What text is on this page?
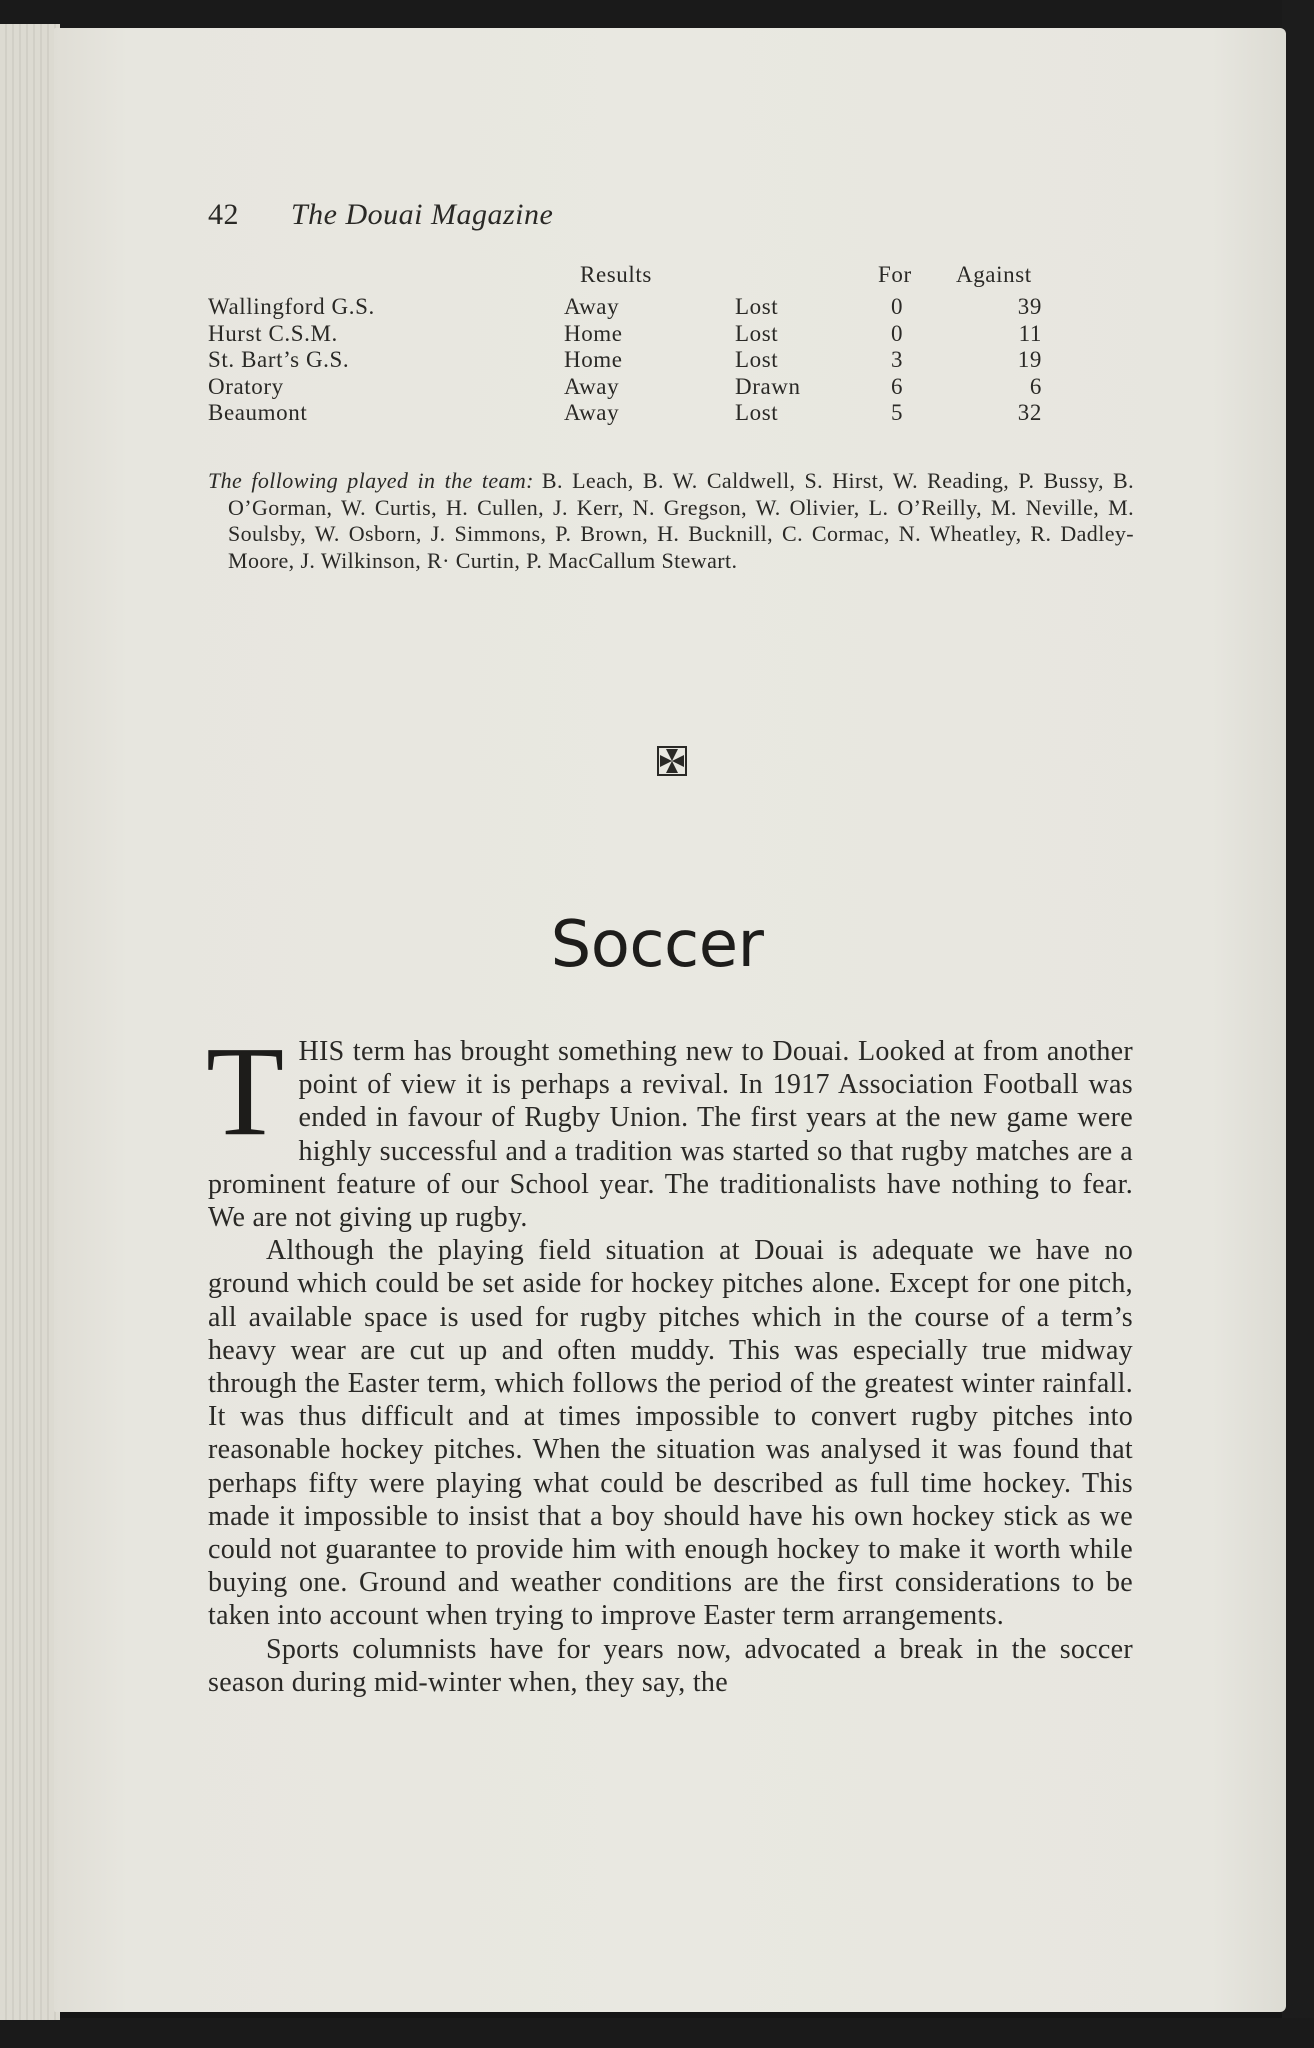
42 The Douai Magazine
Results	For Against
Wallingford G.S.	Away	Lost	0	39
Hurst C.S.M.	Home	Lost	0	11
St. Bart’s G.S.	Home	Lost	3	19
Oratory	Away	Drawn	6	6
Beaumont	Away	Lost	5	32
The following played in the team: B. Leach, B. W. Caldwell, S. Hirst, W. Reading, P. Bussy, B. O’Gorman, W. Curtis, H. Cullen, J. Kerr, N. Gregson, W. Olivier, L. O’Reilly, M. Neville, M. Soulsby, W. Osborn, J. Simmons, P. Brown, H. Bucknill, C. Cormac, N. Wheatley, R. Dadley-Moore, J. Wilkinson, R· Curtin, P. MacCallum Stewart.
Soccer

THIS term has brought something new to Douai. Looked at from another point of view it is perhaps a revival. In 1917 Association Football was ended in favour of Rugby Union. The first years at the new game were highly successful and a tradition was started so that rugby matches are a prominent feature of our School year. The traditionalists have nothing to fear. We are not giving up rugby.

Although the playing field situation at Douai is adequate we have no ground which could be set aside for hockey pitches alone. Except for one pitch, all available space is used for rugby pitches which in the course of a term’s heavy wear are cut up and often muddy. This was especially true midway through the Easter term, which follows the period of the greatest winter rainfall. It was thus difficult and at times impossible to convert rugby pitches into reasonable hockey pitches. When the situation was analysed it was found that perhaps fifty were playing what could be described as full time hockey. This made it impossible to insist that a boy should have his own hockey stick as we could not guarantee to provide him with enough hockey to make it worth while buying one. Ground and weather conditions are the first considerations to be taken into account when trying to improve Easter term arrangements.

Sports columnists have for years now, advocated a break in the soccer season during mid-winter when, they say, the
